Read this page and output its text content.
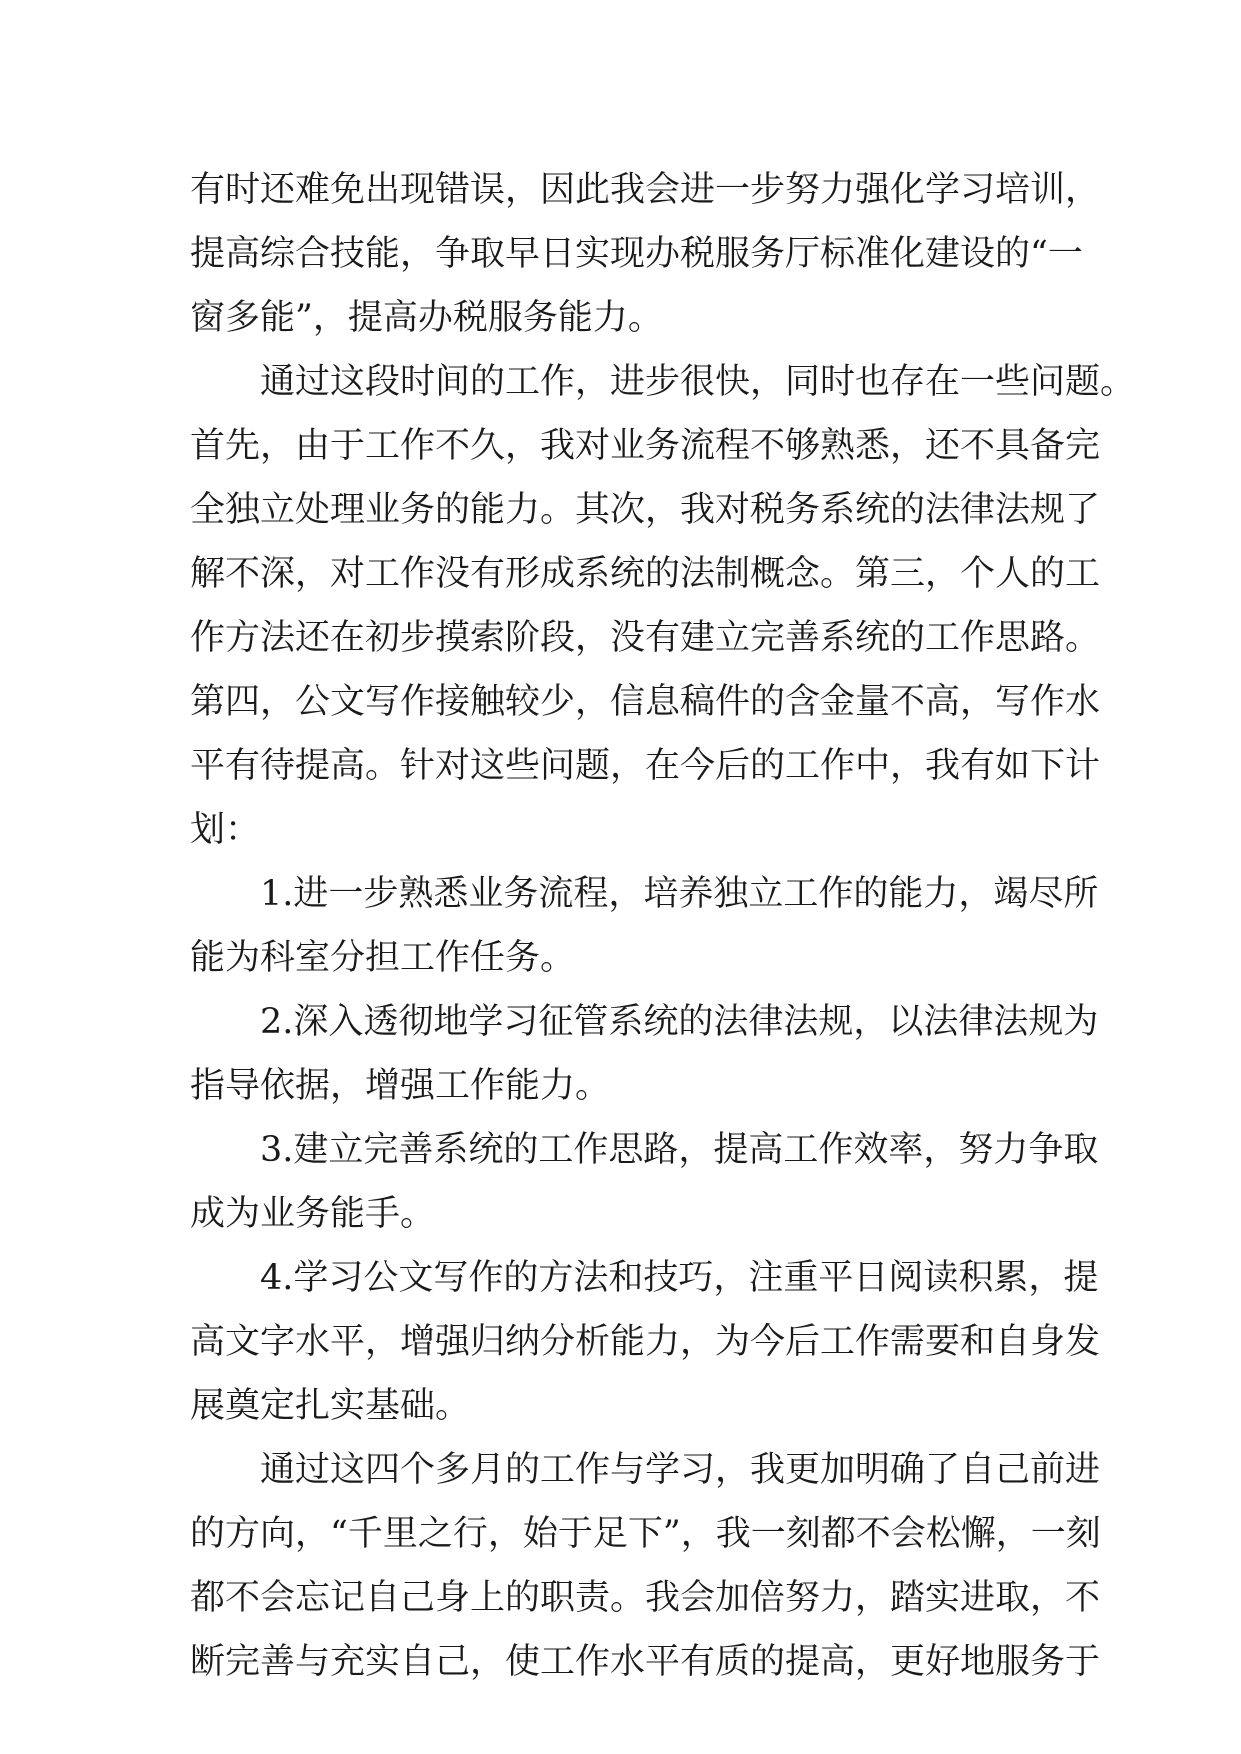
有时还难免出现错误，因此我会进一步努力强化学习培训，
提高综合技能，争取早日实现办税服务厅标准化建设的“一
窗多能”，提高办税服务能力。
通过这段时间的工作，进步很快，同时也存在一些问题。
首先，由于工作不久，我对业务流程不够熟悉，还不具备完
全独立处理业务的能力。其次，我对税务系统的法律法规了
解不深，对工作没有形成系统的法制概念。第三，个人的工
作方法还在初步摸索阶段，没有建立完善系统的工作思路。
第四，公文写作接触较少，信息稿件的含金量不高，写作水
平有待提高。针对这些问题，在今后的工作中，我有如下计
划：
1.进一步熟悉业务流程，培养独立工作的能力，竭尽所
能为科室分担工作任务。
2.深入透彻地学习征管系统的法律法规，以法律法规为
指导依据，增强工作能力。
3.建立完善系统的工作思路，提高工作效率，努力争取
成为业务能手。
4.学习公文写作的方法和技巧，注重平日阅读积累，提
高文字水平，增强归纳分析能力，为今后工作需要和自身发
展奠定扎实基础。
通过这四个多月的工作与学习，我更加明确了自己前进
的方向，“千里之行，始于足下”，我一刻都不会松懈，一刻
都不会忘记自己身上的职责。我会加倍努力，踏实进取，不
断完善与充实自己，使工作水平有质的提高，更好地服务于
